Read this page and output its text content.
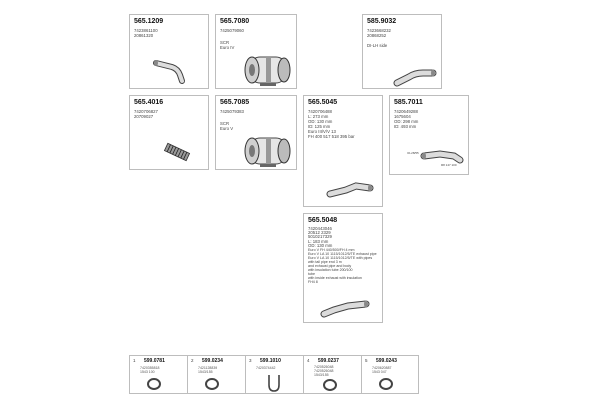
565.1209
7423861100
20861320
565.7080
7425079060
SCR
Euro IV
585.9032
7423668232
20868252
DI-LH side
565.4016
7420706827
20709027
565.7085
7425079383
SCR
Euro V
565.5045
7420706488
L: 273 mm
OD: 130 mm
ID: 125 mm
Euro III/V/V 13
FH 400 517 518 395 bar
585.7011
7420649288
1675604
OD: 298 mm
ID: 493 mm
IO-28/55
R8 147 100
565.5048
7420443046
20512 2329
5010217329
L: 183 mm
OD: 130 mm
Euro V FH 440/500/FH 4 mm
Euro V LA 10 1115/1012/5/TE exhaust pipe
Euro V LA 10 1115/1012/5/TE with pipes
with tail pipe end 3 m
and exhaust pipe and body
with insulation tube 200/100
tube
with inside exhaust with insulation
FH4 8
1 599.0781
7420355818
1543 100
2 599.0234
7421128839
1543/155
3 599.1010
7420374442
4 599.0237
7420526048
7420526048
1543/155
5 599.0243
7420620887
1543 047
